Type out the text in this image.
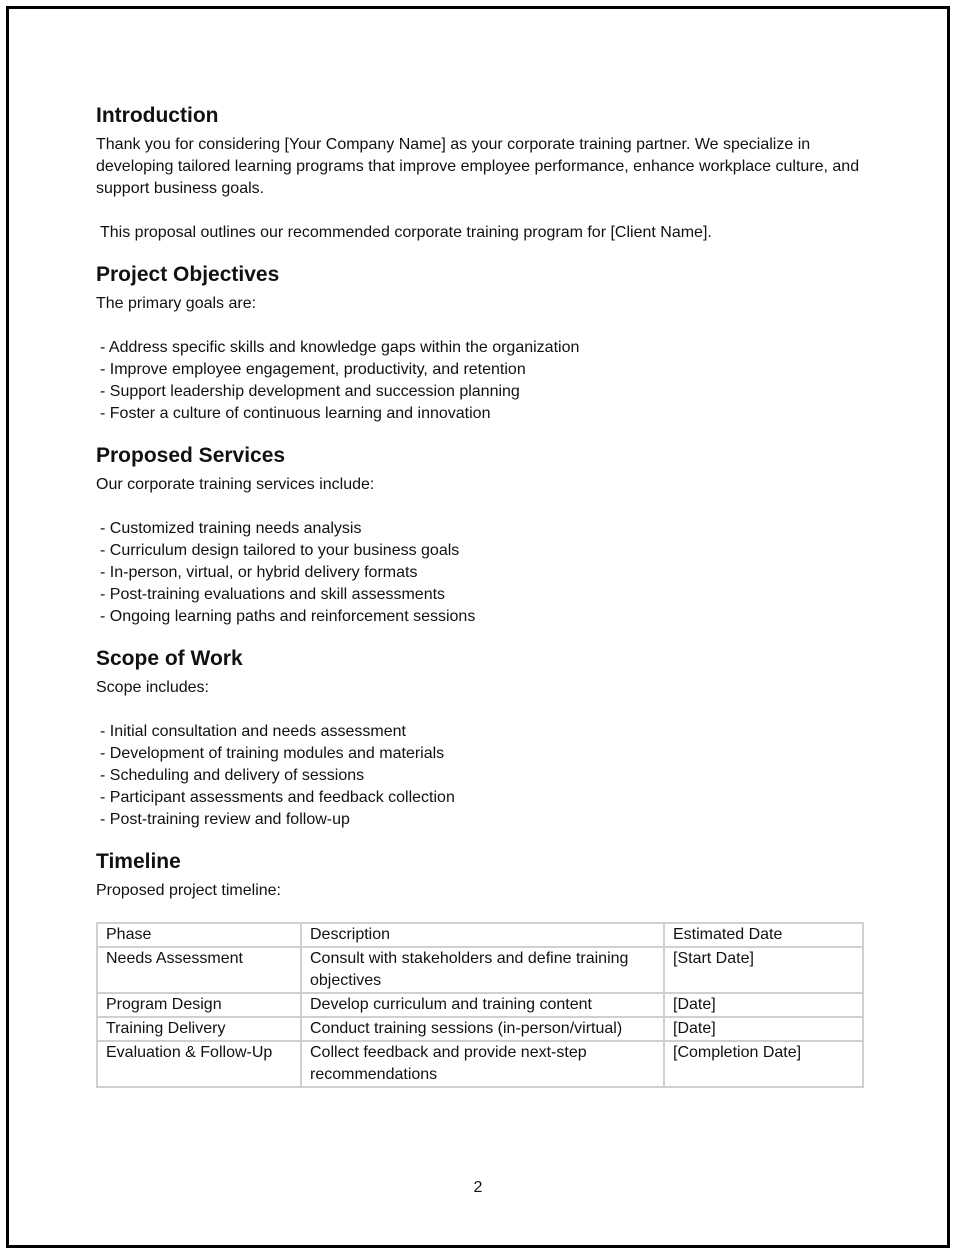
Introduction

Thank you for considering [Your Company Name] as your corporate training partner. We specialize in developing tailored learning programs that improve employee performance, enhance workplace culture, and support business goals.

This proposal outlines our recommended corporate training program for [Client Name].

Project Objectives

The primary goals are:

- Address specific skills and knowledge gaps within the organization
- Improve employee engagement, productivity, and retention
- Support leadership development and succession planning
- Foster a culture of continuous learning and innovation
Proposed Services

Our corporate training services include:

- Customized training needs analysis
- Curriculum design tailored to your business goals
- In-person, virtual, or hybrid delivery formats
- Post-training evaluations and skill assessments
- Ongoing learning paths and reinforcement sessions
Scope of Work

Scope includes:

- Initial consultation and needs assessment
- Development of training modules and materials
- Scheduling and delivery of sessions
- Participant assessments and feedback collection
- Post-training review and follow-up
Timeline

Proposed project timeline:

Phase	Description	Estimated Date
Needs Assessment	Consult with stakeholders and define training objectives	[Start Date]
Program Design	Develop curriculum and training content	[Date]
Training Delivery	Conduct training sessions (in-person/virtual)	[Date]
Evaluation & Follow-Up	Collect feedback and provide next-step recommendations	[Completion Date]
2
